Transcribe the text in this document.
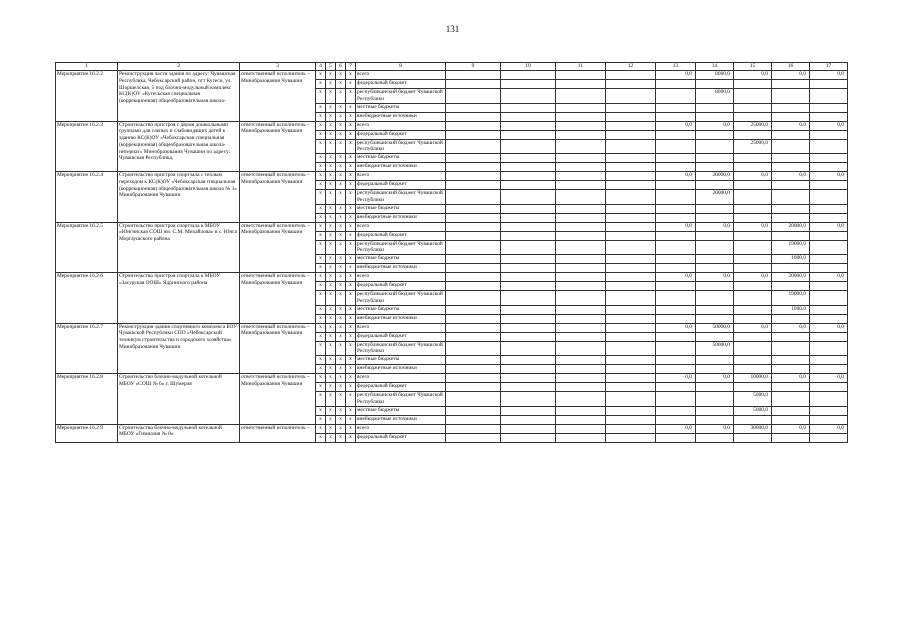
131
1	2	3	4	5	6	7	8	9	10	11	12	13	14	15	16	17
Мероприятие 16.2.2	Реконструкция части здания по адресу: Чувашская Республика, Чебоксарский район, пгт Кугеси, ул. Шоршелская, 5 под блочно-модульный комплекс КС(К)ОУ «Кугесьская специальная (коррекционная) общеобразовательная школа-	ответственный исполнитель – Минобразования Чувашии	x	x	x	x	всего					0,0	8000,0	0,0	0,0	0,0
			x	x	x	x	федеральный бюджет									
			x	x	x	x	республиканский бюджет Чувашской Республики						8000,0			
			x	x	x	x	местные бюджеты									
			x	x	x	x	внебюджетные источники									
Мероприятие 16.2.3	Строительство пристроя с двумя дошкольными группами для слепых и слабовидящих детей к зданию КС(К)ОУ «Чебоксарская специальная (коррекционная) общеобразовательная школа-интернат» Минобразования Чувашии по адресу: Чувашская Республика,	ответственный исполнитель – Минобразования Чувашии	x	x	x	x	всего					0,0	0,0	25000,0	0,0	0,0
			x	x	x	x	федеральный бюджет									
			x	x	x	x	республиканский бюджет Чувашской Республики							25000,0		
			x	x	x	x	местные бюджеты									
			x	x	x	x	внебюджетные источники									
Мероприятие 16.2.4	Строительство пристроя спортзала с теплым переходом к КС(К)ОУ «Чебоксарская специальная (коррекционная) общеобразовательная школа № 3» Минобразования Чувашии	ответственный исполнитель – Минобразования Чувашии	x	x	x	x	всего					0,0	20000,0	0,0	0,0	0,0
			x	x	x	x	федеральный бюджет									
			x	x	x	x	республиканский бюджет Чувашской Республики						20000,0			
			x	x	x	x	местные бюджеты									
			x	x	x	x	внебюджетные источники									
Мероприятие 16.2.5	Строительство пристроя спортзала к МБОУ «Юнгинская СОШ им. С.М. Михайлова» в с. Юнга Моргаушского района	ответственный исполнитель – Минобразования Чувашии	x	x	x	x	всего					0,0	0,0	0,0	20000,0	0,0
			x	x	x	x	федеральный бюджет									
			x	x	x	x	республиканский бюджет Чувашской Республики								19000,0	
			x	x	x	x	местные бюджеты								1000,0	
			x	x	x	x	внебюджетные источники									
Мероприятие 16.2.6	Строительство пристроя спортзала к МБОУ «Засурская ООШ» Ядринского района	ответственный исполнитель – Минобразования Чувашии	x	x	x	x	всего					0,0	0,0	0,0	20000,0	0,0
			x	x	x	x	федеральный бюджет									
			x	x	x	x	республиканский бюджет Чувашской Республики								19000,0	
			x	x	x	x	местные бюджеты								1000,0	
			x	x	x	x	внебюджетные источники									
Мероприятие 16.2.7	Реконструкция здания спортивного комплекса БОУ Чувашской Республики СПО «Чебоксарский техникум строительства и городского хозяйства» Минобразования Чувашии	ответственный исполнитель – Минобразования Чувашии	x	x	x	x	всего					0,0	50000,0	0,0	0,0	0,0
			x	x	x	x	федеральный бюджет									
			x	x	x	x	республиканский бюджет Чувашской Республики						50000,0			
			x	x	x	x	местные бюджеты									
			x	x	x	x	внебюджетные источники									
Мероприятие 16.2.8	Строительство блочно-модульной котельной МБОУ «СОШ № 6» г. Шумерля	ответственный исполнитель – Минобразования Чувашии	x	x	x	x	всего					0,0	0,0	10000,0	0,0	0,0
			x	x	x	x	федеральный бюджет									
			x	x	x	x	республиканский бюджет Чувашской Республики							5000,0		
			x	x	x	x	местные бюджеты							5000,0		
			x	x	x	x	внебюджетные источники									
Мероприятие 16.2.9	Строительство блочно-модульной котельной МБОУ «Гимназия № 8»	ответственный исполнитель –	x	x	x	x	всего					0,0	0,0	30000,0	0,0	0,0
			x	x	x	x	федеральный бюджет									
